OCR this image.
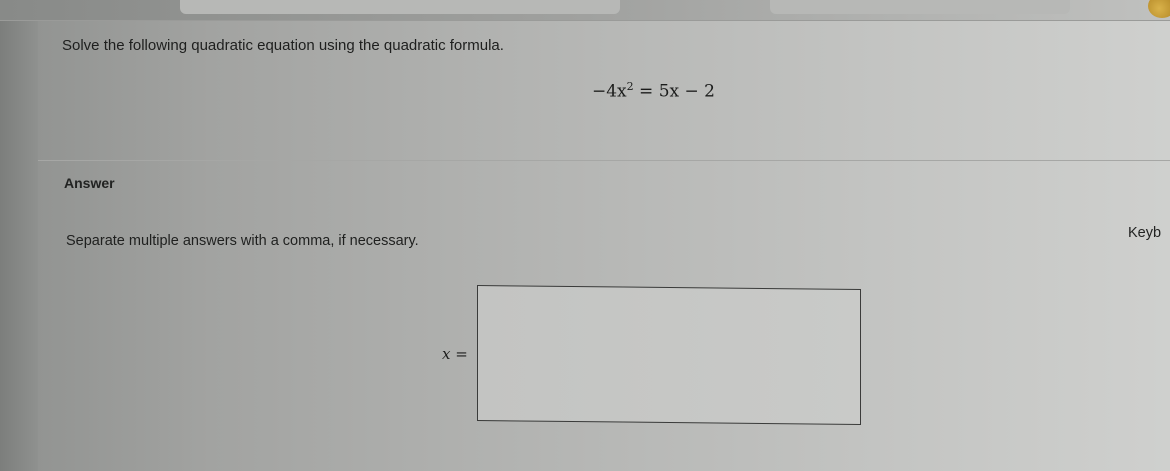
Solve the following quadratic equation using the quadratic formula.
$-4x^2 = 5x - 2$
Answer
Separate multiple answers with a comma, if necessary.	Keyb
x =
